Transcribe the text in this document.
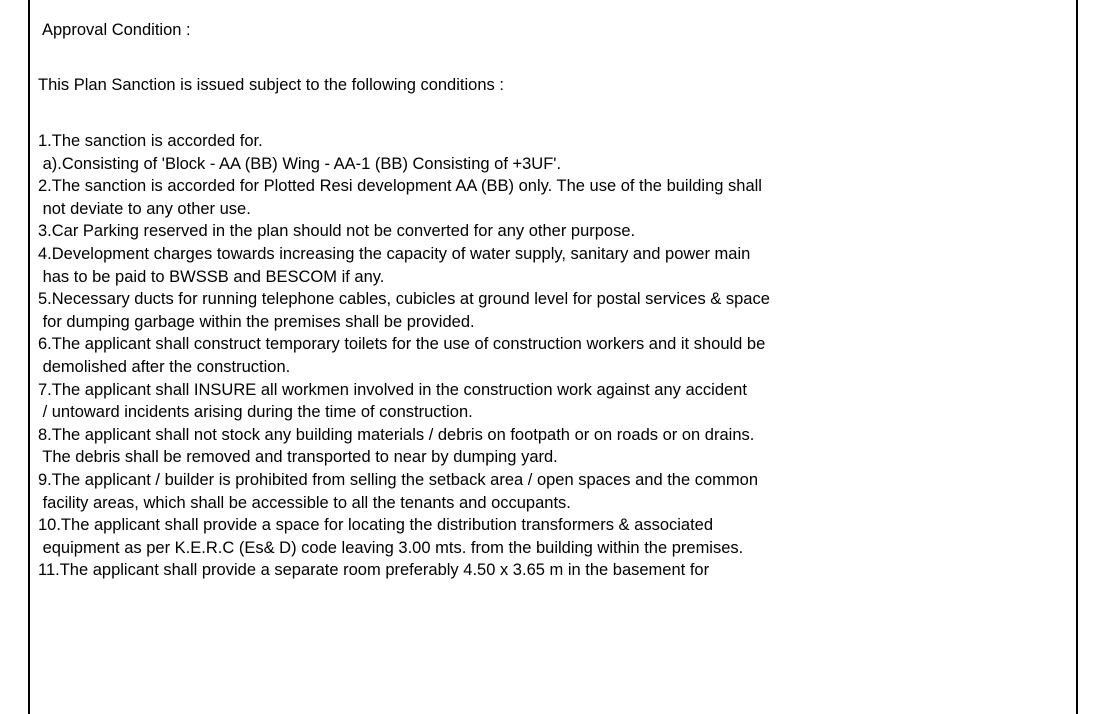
Approval Condition :
This Plan Sanction is issued subject to the following conditions :
1.The sanction is accorded for.
a).Consisting of 'Block - AA (BB) Wing - AA-1 (BB) Consisting of +3UF'.
2.The sanction is accorded for Plotted Resi development AA (BB) only. The use of the building shall
not deviate to any other use.
3.Car Parking reserved in the plan should not be converted for any other purpose.
4.Development charges towards increasing the capacity of water supply, sanitary and power main
has to be paid to BWSSB and BESCOM if any.
5.Necessary ducts for running telephone cables, cubicles at ground level for postal services & space
for dumping garbage within the premises shall be provided.
6.The applicant shall construct temporary toilets for the use of construction workers and it should be
demolished after the construction.
7.The applicant shall INSURE all workmen involved in the construction work against any accident
/ untoward incidents arising during the time of construction.
8.The applicant shall not stock any building materials / debris on footpath or on roads or on drains.
The debris shall be removed and transported to near by dumping yard.
9.The applicant / builder is prohibited from selling the setback area / open spaces and the common
facility areas, which shall be accessible to all the tenants and occupants.
10.The applicant shall provide a space for locating the distribution transformers & associated
equipment as per K.E.R.C (Es& D) code leaving 3.00 mts. from the building within the premises.
11.The applicant shall provide a separate room preferably 4.50 x 3.65 m in the basement for
